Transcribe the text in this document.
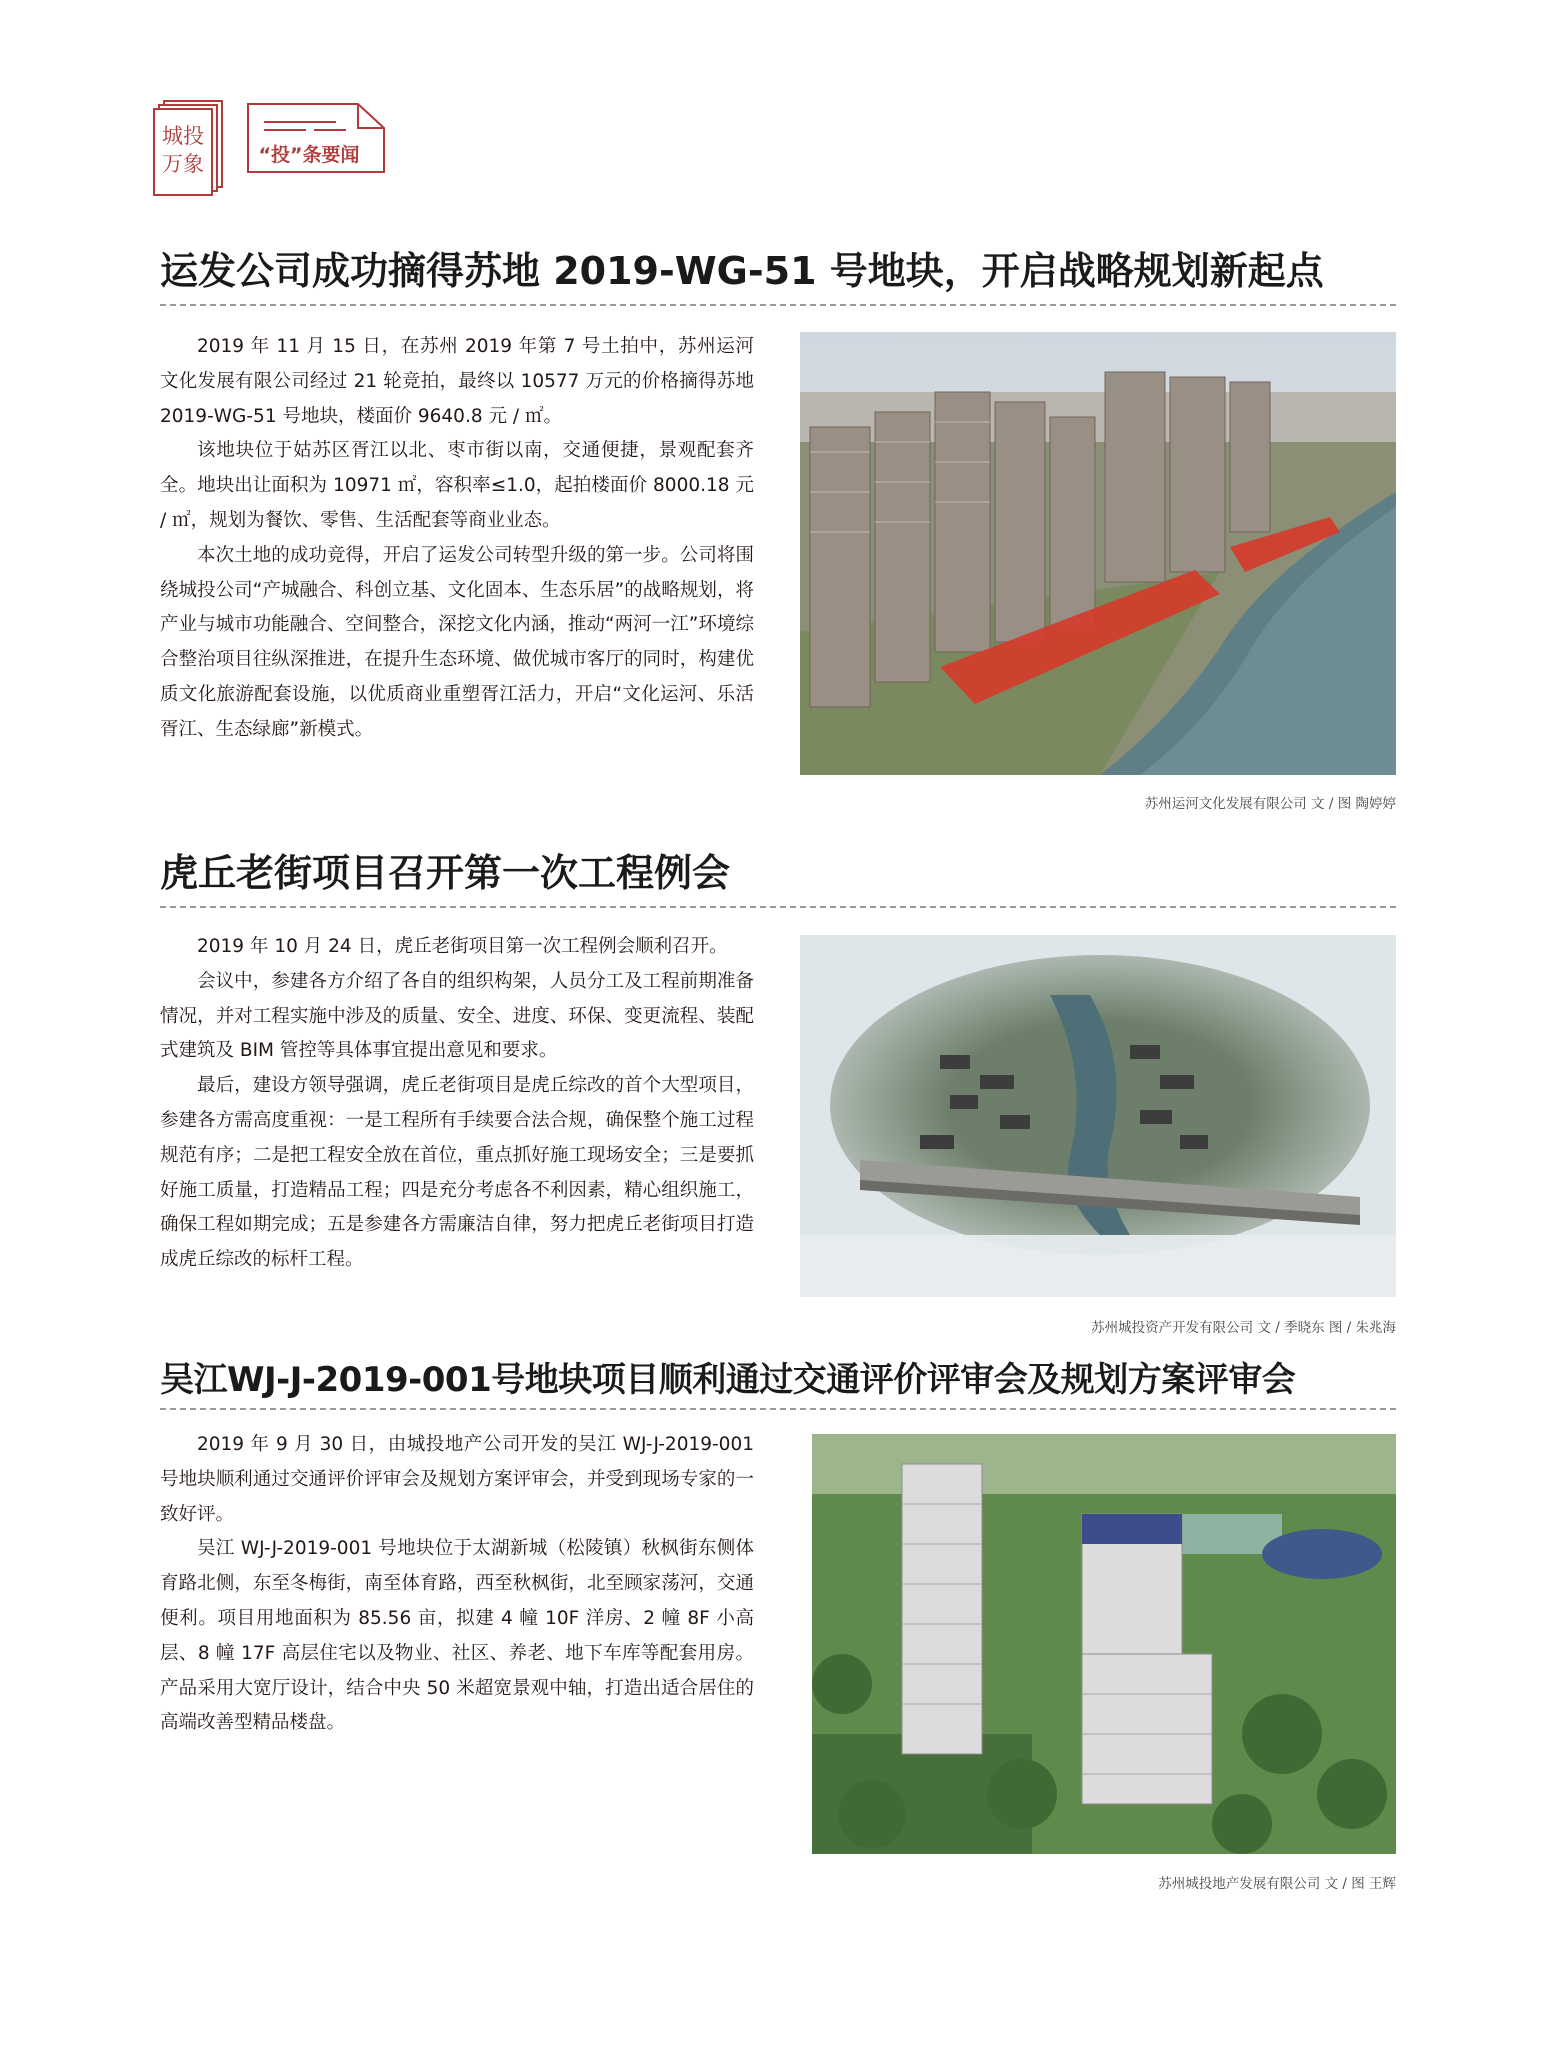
城投
万象	“投”条要闻
运发公司成功摘得苏地 2019-WG-51 号地块，开启战略规划新起点

2019 年 11 月 15 日，在苏州 2019 年第 7 号土拍中，苏州运河文化发展有限公司经过 21 轮竞拍，最终以 10577 万元的价格摘得苏地 2019-WG-51 号地块，楼面价 9640.8 元 / ㎡。

该地块位于姑苏区胥江以北、枣市街以南，交通便捷，景观配套齐全。地块出让面积为 10971 ㎡，容积率≤1.0，起拍楼面价 8000.18 元 / ㎡，规划为餐饮、零售、生活配套等商业业态。

本次土地的成功竞得，开启了运发公司转型升级的第一步。公司将围绕城投公司“产城融合、科创立基、文化固本、生态乐居”的战略规划，将产业与城市功能融合、空间整合，深挖文化内涵，推动“两河一江”环境综合整治项目往纵深推进，在提升生态环境、做优城市客厅的同时，构建优质文化旅游配套设施，以优质商业重塑胥江活力，开启“文化运河、乐活胥江、生态绿廊”新模式。

苏州运河文化发展有限公司 文 / 图 陶婷婷
虎丘老街项目召开第一次工程例会

2019 年 10 月 24 日，虎丘老街项目第一次工程例会顺利召开。

会议中，参建各方介绍了各自的组织构架，人员分工及工程前期准备情况，并对工程实施中涉及的质量、安全、进度、环保、变更流程、装配式建筑及 BIM 管控等具体事宜提出意见和要求。

最后，建设方领导强调，虎丘老街项目是虎丘综改的首个大型项目，参建各方需高度重视：一是工程所有手续要合法合规，确保整个施工过程规范有序；二是把工程安全放在首位，重点抓好施工现场安全；三是要抓好施工质量，打造精品工程；四是充分考虑各不利因素，精心组织施工，确保工程如期完成；五是参建各方需廉洁自律，努力把虎丘老街项目打造成虎丘综改的标杆工程。

苏州城投资产开发有限公司 文 / 季晓东 图 / 朱兆海
吴江WJ-J-2019-001号地块项目顺利通过交通评价评审会及规划方案评审会

2019 年 9 月 30 日，由城投地产公司开发的吴江 WJ-J-2019-001 号地块顺利通过交通评价评审会及规划方案评审会，并受到现场专家的一致好评。

吴江 WJ-J-2019-001 号地块位于太湖新城（松陵镇）秋枫街东侧体育路北侧，东至冬梅街，南至体育路，西至秋枫街，北至顾家荡河，交通便利。项目用地面积为 85.56 亩，拟建 4 幢 10F 洋房、2 幢 8F 小高层、8 幢 17F 高层住宅以及物业、社区、养老、地下车库等配套用房。产品采用大宽厅设计，结合中央 50 米超宽景观中轴，打造出适合居住的高端改善型精品楼盘。

苏州城投地产发展有限公司 文 / 图 王辉
